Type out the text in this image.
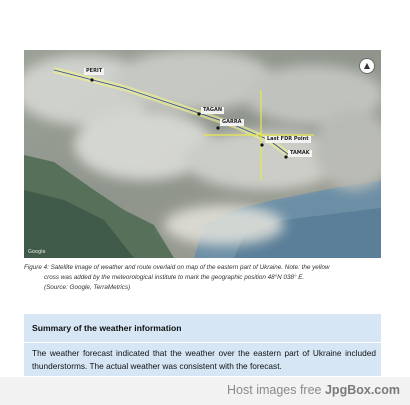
▲
PERIT
TAGAN
GARRA
Last FDR Point
TAMAK
Google
Figure 4: Satellite image of weather and route overlaid on map of the eastern part of Ukraine. Note: the yellow
cross was added by the meteorological institute to mark the geographic position 48°N 038° E.
(Source: Google, TerraMetrics)
Summary of the weather information

The weather forecast indicated that the weather over the eastern part of Ukraine included thunderstorms. The actual weather was consistent with the forecast.

Host images free JpgBox.com
